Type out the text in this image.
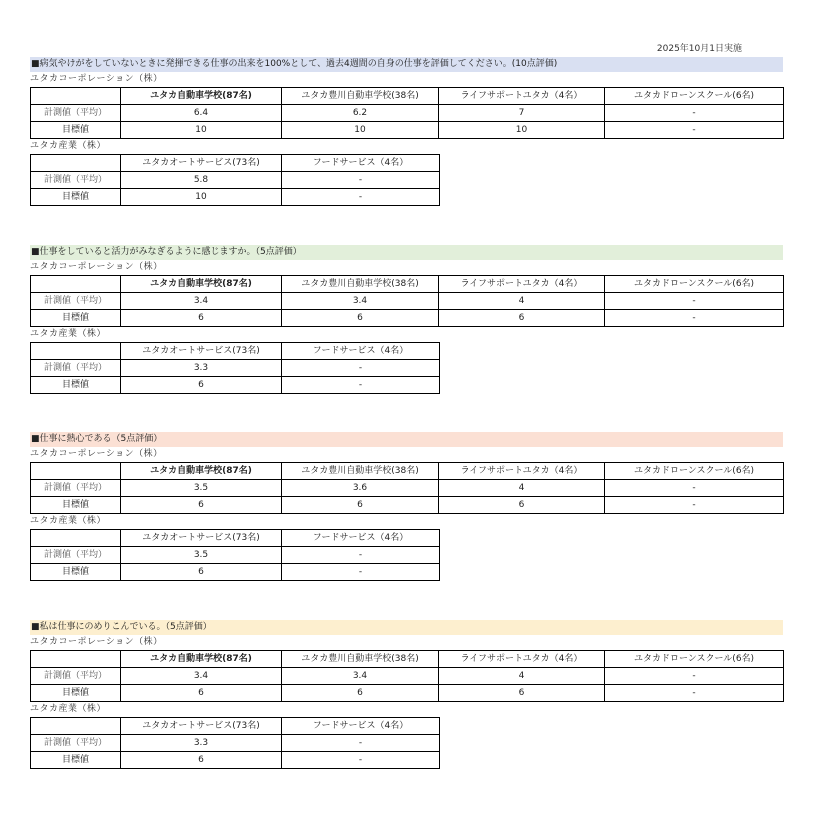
2025年10月1日実施
■病気やけがをしていないときに発揮できる仕事の出来を100%として、過去4週間の自身の仕事を評価してください。(10点評価)
ユタカコーポレーション（株）
	ユタカ自動車学校(87名)	ユタカ豊川自動車学校(38名)	ライフサポートユタカ（4名）	ユタカドローンスクール(6名)
計測値（平均）	6.4	6.2	7	-
目標値	10	10	10	-
ユタカ産業（株）
	ユタカオートサービス(73名)	フードサービス（4名）
計測値（平均）	5.8	-
目標値	10	-
■仕事をしていると活力がみなぎるように感じますか。（5点評価）
ユタカコーポレーション（株）
	ユタカ自動車学校(87名)	ユタカ豊川自動車学校(38名)	ライフサポートユタカ（4名）	ユタカドローンスクール(6名)
計測値（平均）	3.4	3.4	4	-
目標値	6	6	6	-
ユタカ産業（株）
	ユタカオートサービス(73名)	フードサービス（4名）
計測値（平均）	3.3	-
目標値	6	-
■仕事に熱心である（5点評価）
ユタカコーポレーション（株）
	ユタカ自動車学校(87名)	ユタカ豊川自動車学校(38名)	ライフサポートユタカ（4名）	ユタカドローンスクール(6名)
計測値（平均）	3.5	3.6	4	-
目標値	6	6	6	-
ユタカ産業（株）
	ユタカオートサービス(73名)	フードサービス（4名）
計測値（平均）	3.5	-
目標値	6	-
■私は仕事にのめりこんでいる。（5点評価）
ユタカコーポレーション（株）
	ユタカ自動車学校(87名)	ユタカ豊川自動車学校(38名)	ライフサポートユタカ（4名）	ユタカドローンスクール(6名)
計測値（平均）	3.4	3.4	4	-
目標値	6	6	6	-
ユタカ産業（株）
	ユタカオートサービス(73名)	フードサービス（4名）
計測値（平均）	3.3	-
目標値	6	-
